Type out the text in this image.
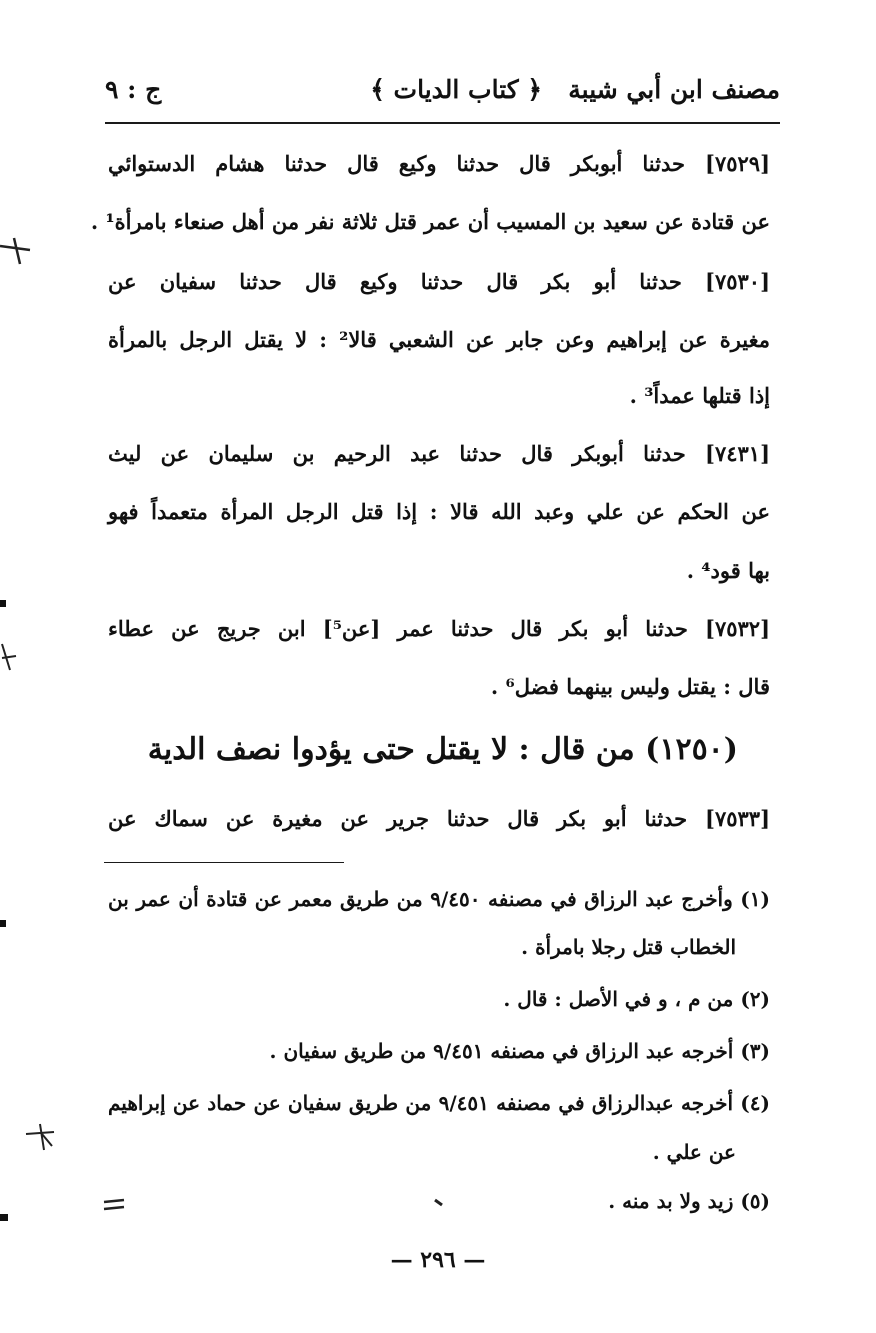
مصنف ابن أبي شيبة
﴿ كتاب الديات ﴾
ج : ٩
[٧٥٢٩] حدثنا أبوبكر قال حدثنا وكيع قال حدثنا هشام الدستوائي
عن قتادة عن سعيد بن المسيب أن عمر قتل ثلاثة نفر من أهل صنعاء بامرأة¹ .
[٧٥٣٠] حدثنا أبو بكر قال حدثنا وكيع قال حدثنا سفيان عن
مغيرة عن إبراهيم وعن جابر عن الشعبي قالا² : لا يقتل الرجل بالمرأة
إذا قتلها عمداً³ .
[٧٤٣١] حدثنا أبوبكر قال حدثنا عبد الرحيم بن سليمان عن ليث
عن الحكم عن علي وعبد الله قالا : إذا قتل الرجل المرأة متعمداً فهو
بها قود⁴ .
[٧٥٣٢] حدثنا أبو بكر قال حدثنا عمر [عن⁵] ابن جريج عن عطاء
قال : يقتل وليس بينهما فضل⁶ .
(١٢٥٠) من قال : لا يقتل حتى يؤدوا نصف الدية
[٧٥٣٣] حدثنا أبو بكر قال حدثنا جرير عن مغيرة عن سماك عن
(١) وأخرج عبد الرزاق في مصنفه ٩/٤٥٠ من طريق معمر عن قتادة أن عمر بن
الخطاب قتل رجلا بامرأة .
(٢) من م ، و في الأصل : قال .
(٣) أخرجه عبد الرزاق في مصنفه ٩/٤٥١ من طريق سفيان .
(٤) أخرجه عبدالرزاق في مصنفه ٩/٤٥١ من طريق سفيان عن حماد عن إبراهيم
عن علي .
(٥) زيد ولا بد منه .
— ٢٩٦ —
